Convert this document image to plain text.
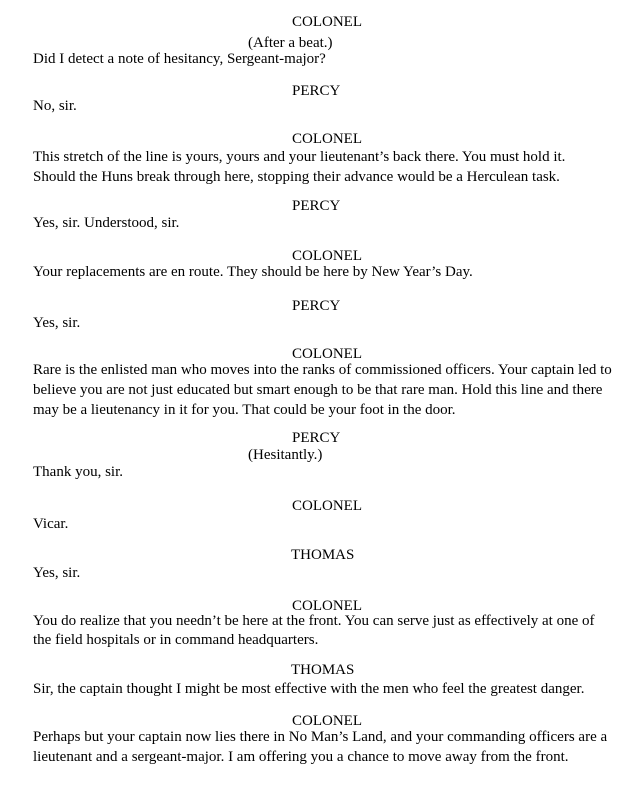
COLONEL
(After a beat.)
Did I detect a note of hesitancy, Sergeant-major?
PERCY
No, sir.
COLONEL
This stretch of the line is yours, yours and your lieutenant’s back there. You must hold it.
Should the Huns break through here, stopping their advance would be a Herculean task.
PERCY
Yes, sir. Understood, sir.
COLONEL
Your replacements are en route. They should be here by New Year’s Day.
PERCY
Yes, sir.
COLONEL
Rare is the enlisted man who moves into the ranks of commissioned officers. Your captain led to
believe you are not just educated but smart enough to be that rare man. Hold this line and there
may be a lieutenancy in it for you. That could be your foot in the door.
PERCY
(Hesitantly.)
Thank you, sir.
COLONEL
Vicar.
THOMAS
Yes, sir.
COLONEL
You do realize that you needn’t be here at the front. You can serve just as effectively at one of
the field hospitals or in command headquarters.
THOMAS
Sir, the captain thought I might be most effective with the men who feel the greatest danger.
COLONEL
Perhaps but your captain now lies there in No Man’s Land, and your commanding officers are a
lieutenant and a sergeant-major. I am offering you a chance to move away from the front.
